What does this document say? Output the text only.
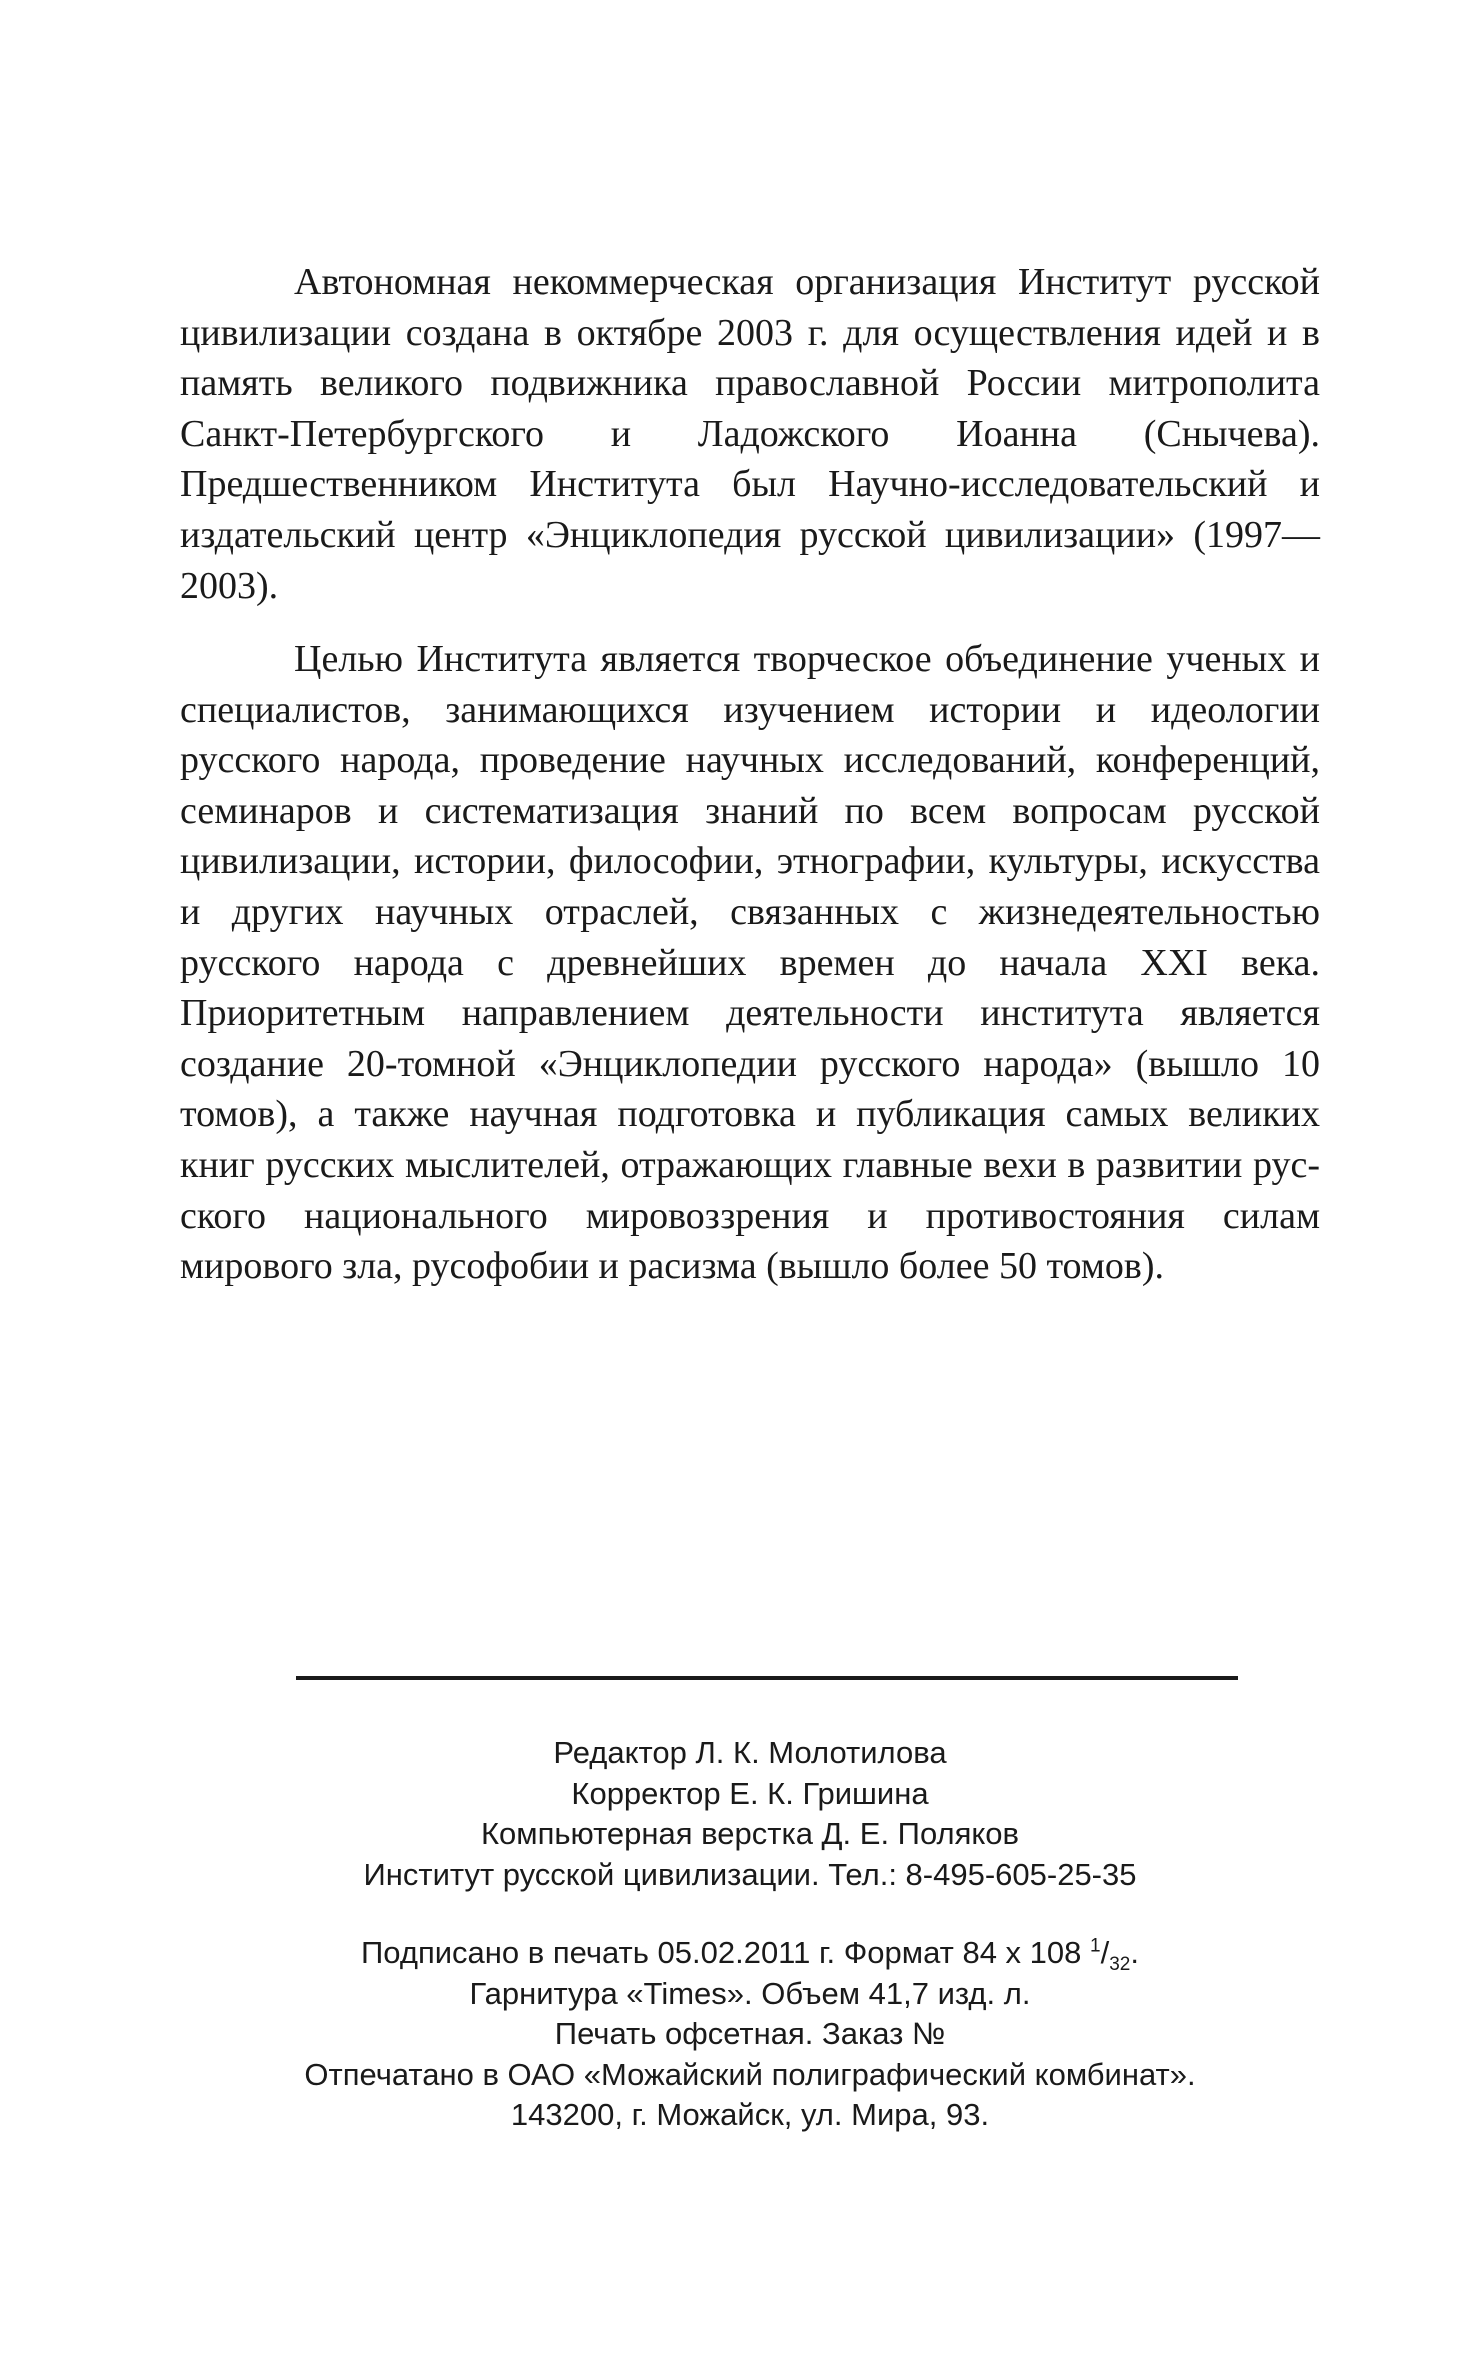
Автономная некоммерческая организация Институт русской цивилизации создана в октябре 2003 г. для осуществления идей и в память великого подвижника православной России митрополита Санкт-Петербургского и Ладожского Иоанна (Снычева). Предшественником Института был Научно-исследовательский и издательский центр «Энциклопедия русской цивилизации» (1997—2003).

Целью Института является творческое объединение ученых и специалистов, занимающихся изучением истории и идеологии русского народа, проведение научных исследований, конференций, семинаров и систематизация знаний по всем вопросам русской цивилизации, истории, философии, этнографии, культуры, искусства и других научных отраслей, связанных с жизнедеятельностью русского народа с древнейших времен до начала XXI века. Приоритетным направлением деятельности института является создание 20-томной «Энциклопедии русского народа» (вышло 10 томов), а также научная подготовка и публикация самых великих книг русских мыслителей, отражающих главные вехи в развитии русского национального мировоззрения и противостояния силам мирового зла, русофобии и расизма (вышло более 50 томов).

Редактор Л. К. Молотилова
Корректор Е. К. Гришина
Компьютерная верстка Д. Е. Поляков
Институт русской цивилизации. Тел.: 8-495-605-25-35
Подписано в печать 05.02.2011 г. Формат 84 х 108 $^1/_{32}$.
Гарнитура «Times». Объем 41,7 изд. л.
Печать офсетная. Заказ №
Отпечатано в ОАО «Можайский полиграфический комбинат».
143200, г. Можайск, ул. Мира, 93.
